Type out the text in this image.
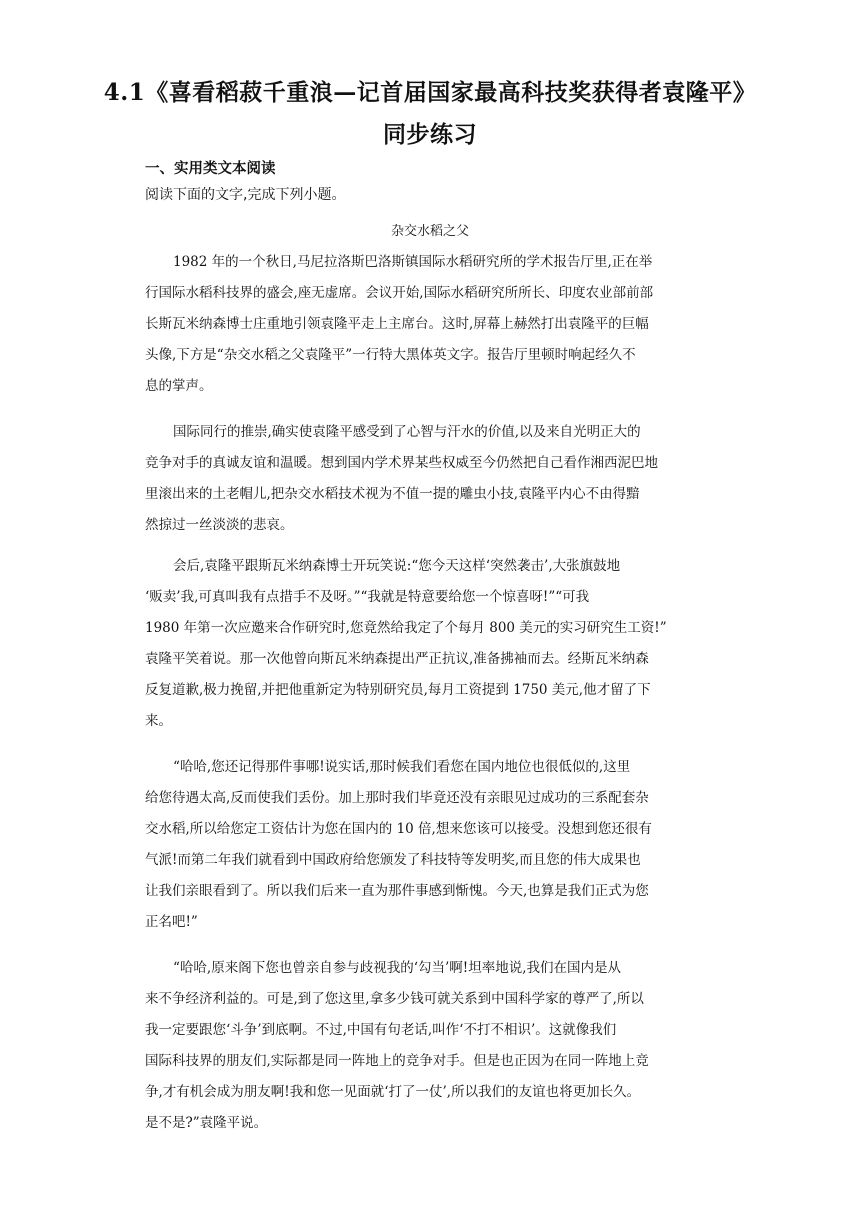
4.1《喜看稻菽千重浪—记首届国家最高科技奖获得者袁隆平》
同步练习
一、实用类文本阅读
阅读下面的文字,完成下列小题。
杂交水稻之父

1982 年的一个秋日,马尼拉洛斯巴洛斯镇国际水稻研究所的学术报告厅里,正在举
行国际水稻科技界的盛会,座无虚席。会议开始,国际水稻研究所所长、印度农业部前部
长斯瓦米纳森博士庄重地引领袁隆平走上主席台。这时,屏幕上赫然打出袁隆平的巨幅
头像,下方是“杂交水稻之父袁隆平”一行特大黑体英文字。报告厅里顿时响起经久不
息的掌声。

国际同行的推崇,确实使袁隆平感受到了心智与汗水的价值,以及来自光明正大的
竞争对手的真诚友谊和温暖。想到国内学术界某些权威至今仍然把自己看作湘西泥巴地
里滚出来的土老帽儿,把杂交水稻技术视为不值一提的雕虫小技,袁隆平内心不由得黯
然掠过一丝淡淡的悲哀。

会后,袁隆平跟斯瓦米纳森博士开玩笑说:“您今天这样‘突然袭击’,大张旗鼓地
‘贩卖’我,可真叫我有点措手不及呀。”“我就是特意要给您一个惊喜呀!”“可我
1980 年第一次应邀来合作研究时,您竟然给我定了个每月 800 美元的实习研究生工资!”
袁隆平笑着说。那一次他曾向斯瓦米纳森提出严正抗议,准备拂袖而去。经斯瓦米纳森
反复道歉,极力挽留,并把他重新定为特别研究员,每月工资提到 1750 美元,他才留了下
来。

“哈哈,您还记得那件事哪!说实话,那时候我们看您在国内地位也很低似的,这里
给您待遇太高,反而使我们丢份。加上那时我们毕竟还没有亲眼见过成功的三系配套杂
交水稻,所以给您定工资估计为您在国内的 10 倍,想来您该可以接受。没想到您还很有
气派!而第二年我们就看到中国政府给您颁发了科技特等发明奖,而且您的伟大成果也
让我们亲眼看到了。所以我们后来一直为那件事感到惭愧。今天,也算是我们正式为您
正名吧!”

“哈哈,原来阁下您也曾亲自参与歧视我的‘勾当’啊!坦率地说,我们在国内是从
来不争经济利益的。可是,到了您这里,拿多少钱可就关系到中国科学家的尊严了,所以
我一定要跟您‘斗争’到底啊。不过,中国有句老话,叫作‘不打不相识’。这就像我们
国际科技界的朋友们,实际都是同一阵地上的竞争对手。但是也正因为在同一阵地上竞
争,才有机会成为朋友啊!我和您一见面就‘打了一仗’,所以我们的友谊也将更加长久。
是不是?”袁隆平说。
